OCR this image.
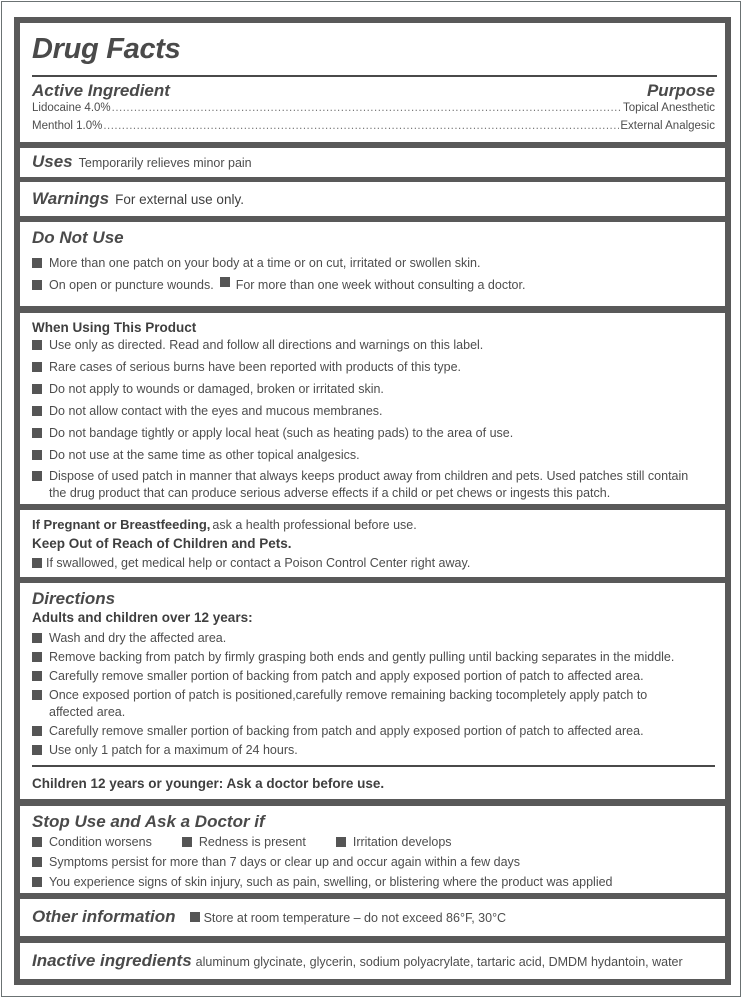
Drug Facts
Active Ingredient	Purpose
Lidocaine 4.0% .....	Topical Anesthetic
Menthol 1.0% .....	External Analgesic
Uses Temporarily relieves minor pain
Warnings For external use only.
Do Not Use
More than one patch on your body at a time or on cut, irritated or swollen skin.
On open or puncture wounds. For more than one week without consulting a doctor.
When Using This Product
Use only as directed. Read and follow all directions and warnings on this label.
Rare cases of serious burns have been reported with products of this type.
Do not apply to wounds or damaged, broken or irritated skin.
Do not allow contact with the eyes and mucous membranes.
Do not bandage tightly or apply local heat (such as heating pads) to the area of use.
Do not use at the same time as other topical analgesics.
Dispose of used patch in manner that always keeps product away from children and pets. Used patches still contain the drug product that can produce serious adverse effects if a child or pet chews or ingests this patch.
If Pregnant or Breastfeeding, ask a health professional before use.
Keep Out of Reach of Children and Pets.
If swallowed, get medical help or contact a Poison Control Center right away.
Directions
Adults and children over 12 years:
Wash and dry the affected area.
Remove backing from patch by firmly grasping both ends and gently pulling until backing separates in the middle.
Carefully remove smaller portion of backing from patch and apply exposed portion of patch to affected area.
Once exposed portion of patch is positioned,carefully remove remaining backing tocompletely apply patch to affected area.
Carefully remove smaller portion of backing from patch and apply exposed portion of patch to affected area.
Use only 1 patch for a maximum of 24 hours.
Children 12 years or younger: Ask a doctor before use.
Stop Use and Ask a Doctor if
Condition worsens	Redness is present	Irritation develops
Symptoms persist for more than 7 days or clear up and occur again within a few days
You experience signs of skin injury, such as pain, swelling, or blistering where the product was applied
Other information Store at room temperature – do not exceed 86°F, 30°C
Inactive ingredients aluminum glycinate, glycerin, sodium polyacrylate, tartaric acid, DMDM hydantoin, water
